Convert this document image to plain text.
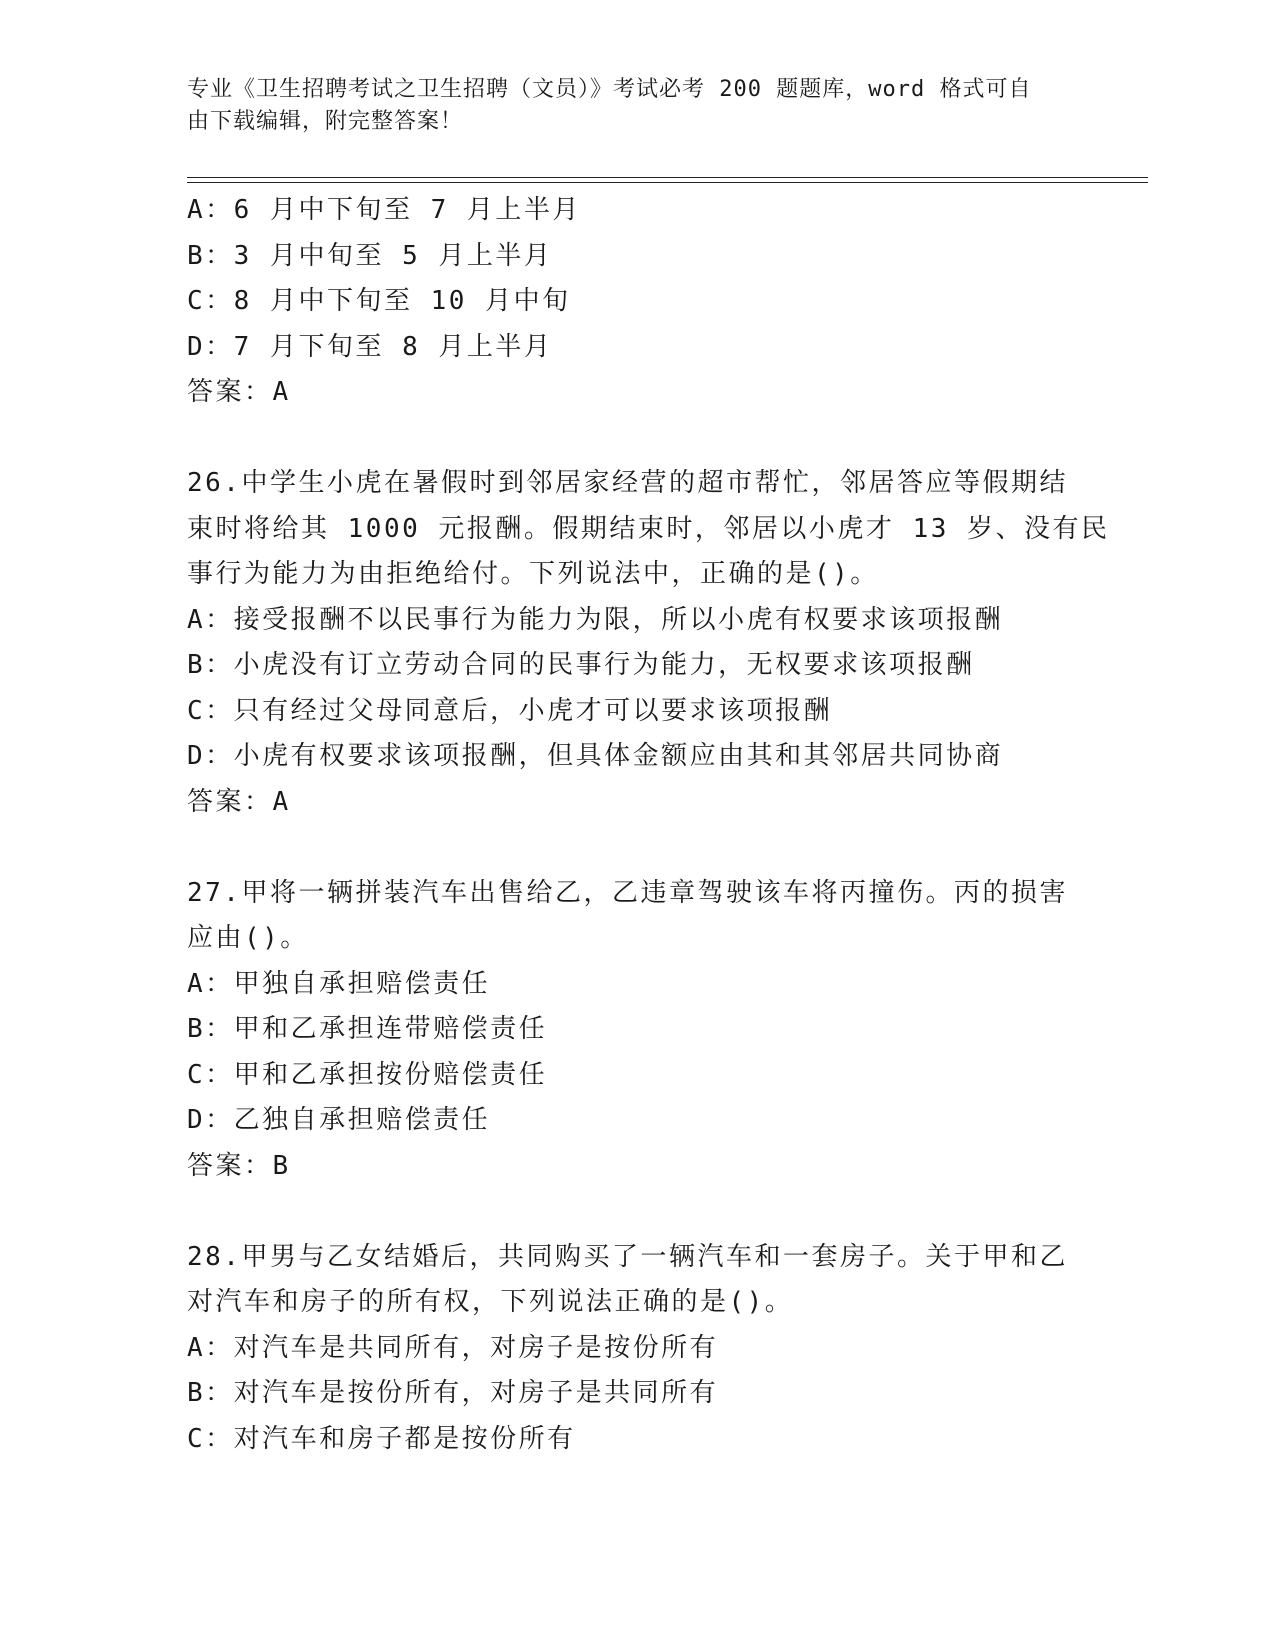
专业《卫生招聘考试之卫生招聘（文员）》考试必考 200 题题库，word 格式可自
由下载编辑，附完整答案！
A：6 月中下旬至 7 月上半月
B：3 月中旬至 5 月上半月
C：8 月中下旬至 10 月中旬
D：7 月下旬至 8 月上半月
答案：A
26.中学生小虎在暑假时到邻居家经营的超市帮忙，邻居答应等假期结
束时将给其 1000 元报酬。假期结束时，邻居以小虎才 13 岁、没有民
事行为能力为由拒绝给付。下列说法中，正确的是()。
A：接受报酬不以民事行为能力为限，所以小虎有权要求该项报酬
B：小虎没有订立劳动合同的民事行为能力，无权要求该项报酬
C：只有经过父母同意后，小虎才可以要求该项报酬
D：小虎有权要求该项报酬，但具体金额应由其和其邻居共同协商
答案：A
27.甲将一辆拼装汽车出售给乙，乙违章驾驶该车将丙撞伤。丙的损害
应由()。
A：甲独自承担赔偿责任
B：甲和乙承担连带赔偿责任
C：甲和乙承担按份赔偿责任
D：乙独自承担赔偿责任
答案：B
28.甲男与乙女结婚后，共同购买了一辆汽车和一套房子。关于甲和乙
对汽车和房子的所有权，下列说法正确的是()。
A：对汽车是共同所有，对房子是按份所有
B：对汽车是按份所有，对房子是共同所有
C：对汽车和房子都是按份所有
